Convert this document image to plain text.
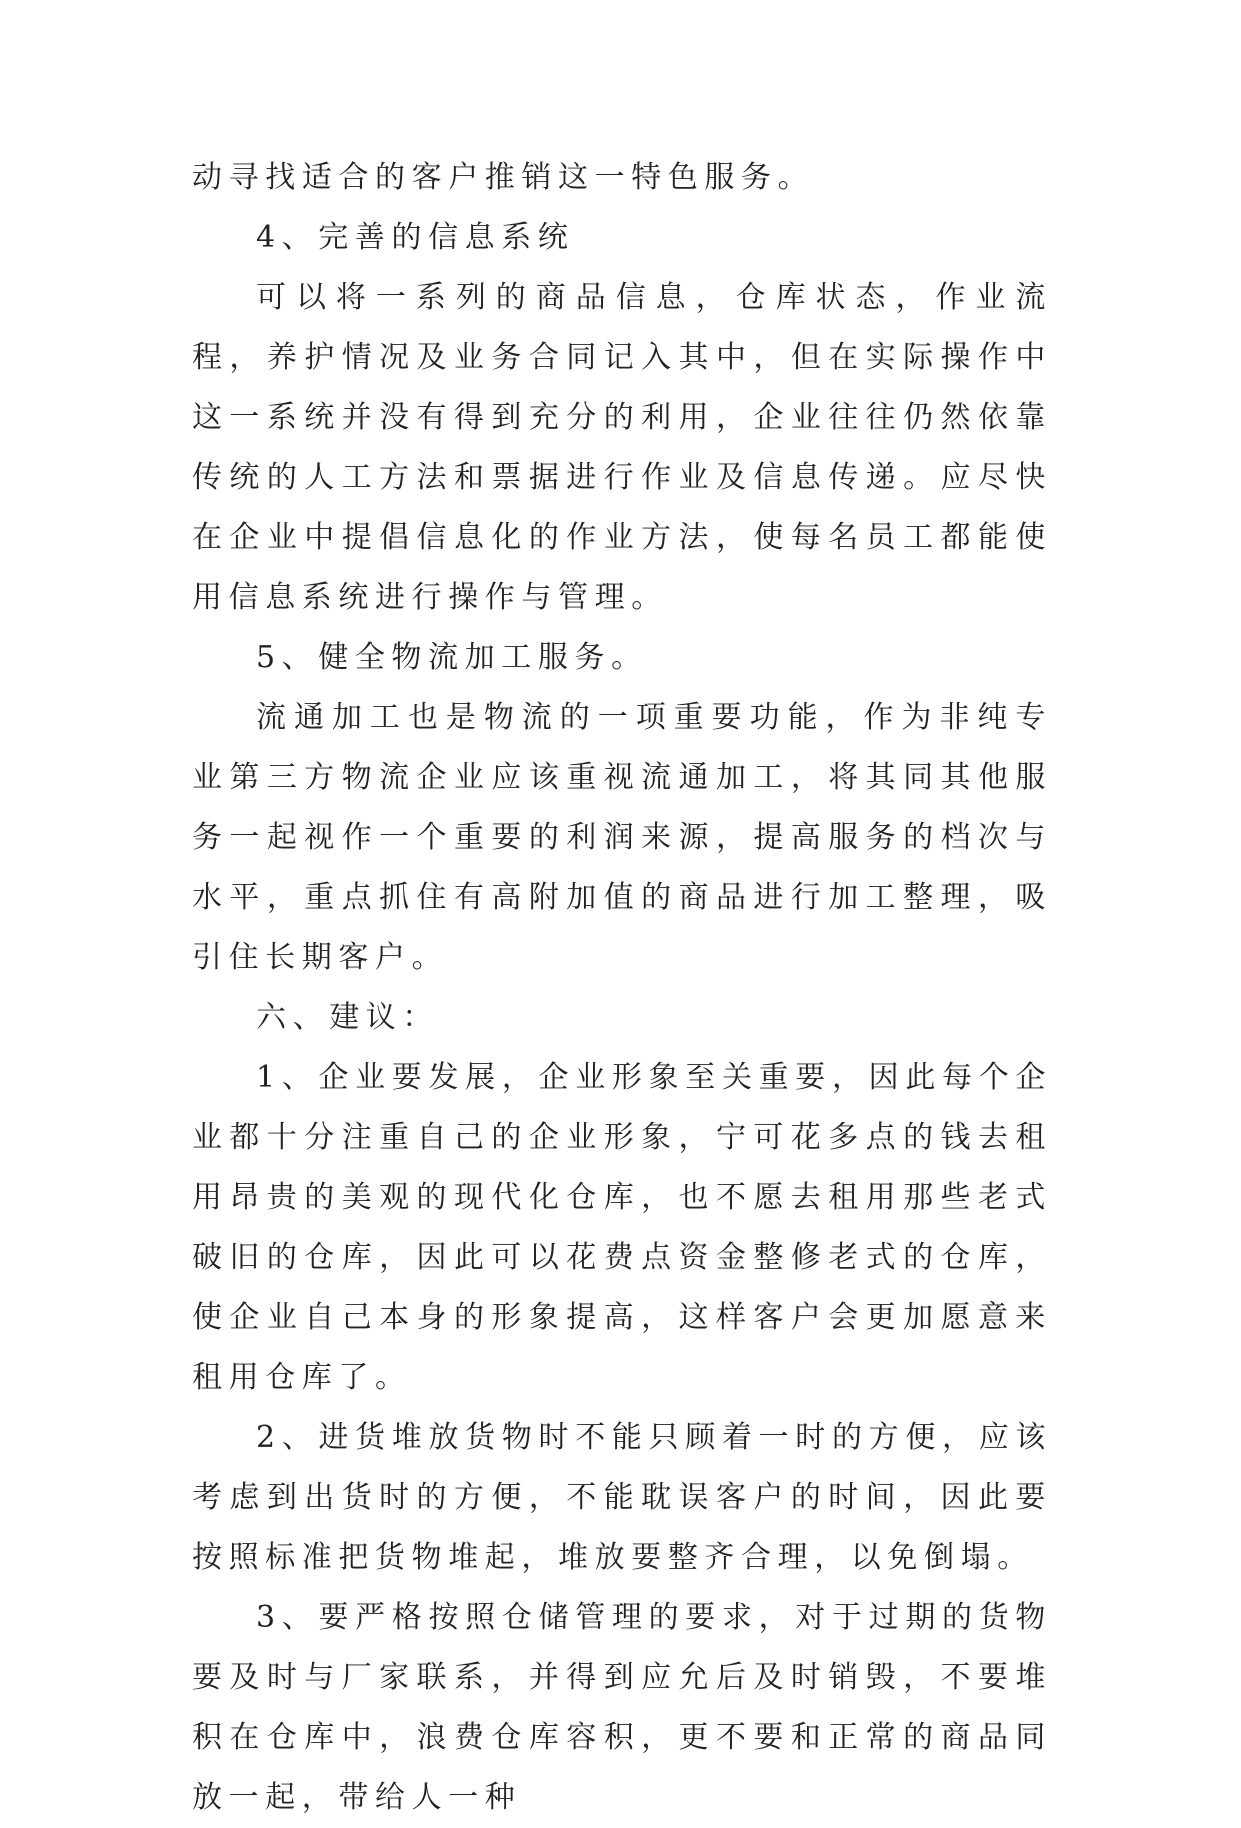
动寻找适合的客户推销这一特色服务。

4、完善的信息系统

可以将一系列的商品信息，仓库状态，作业流程，养护情况及业务合同记入其中，但在实际操作中这一系统并没有得到充分的利用，企业往往仍然依靠传统的人工方法和票据进行作业及信息传递。应尽快在企业中提倡信息化的作业方法，使每名员工都能使用信息系统进行操作与管理。

5、健全物流加工服务。

流通加工也是物流的一项重要功能，作为非纯专业第三方物流企业应该重视流通加工，将其同其他服务一起视作一个重要的利润来源，提高服务的档次与水平，重点抓住有高附加值的商品进行加工整理，吸引住长期客户。

六、建议：

1、企业要发展，企业形象至关重要，因此每个企业都十分注重自己的企业形象，宁可花多点的钱去租用昂贵的美观的现代化仓库，也不愿去租用那些老式破旧的仓库，因此可以花费点资金整修老式的仓库，使企业自己本身的形象提高，这样客户会更加愿意来租用仓库了。

2、进货堆放货物时不能只顾着一时的方便，应该考虑到出货时的方便，不能耽误客户的时间，因此要按照标准把货物堆起，堆放要整齐合理，以免倒塌。

3、要严格按照仓储管理的要求，对于过期的货物要及时与厂家联系，并得到应允后及时销毁，不要堆积在仓库中，浪费仓库容积，更不要和正常的商品同放一起，带给人一种
